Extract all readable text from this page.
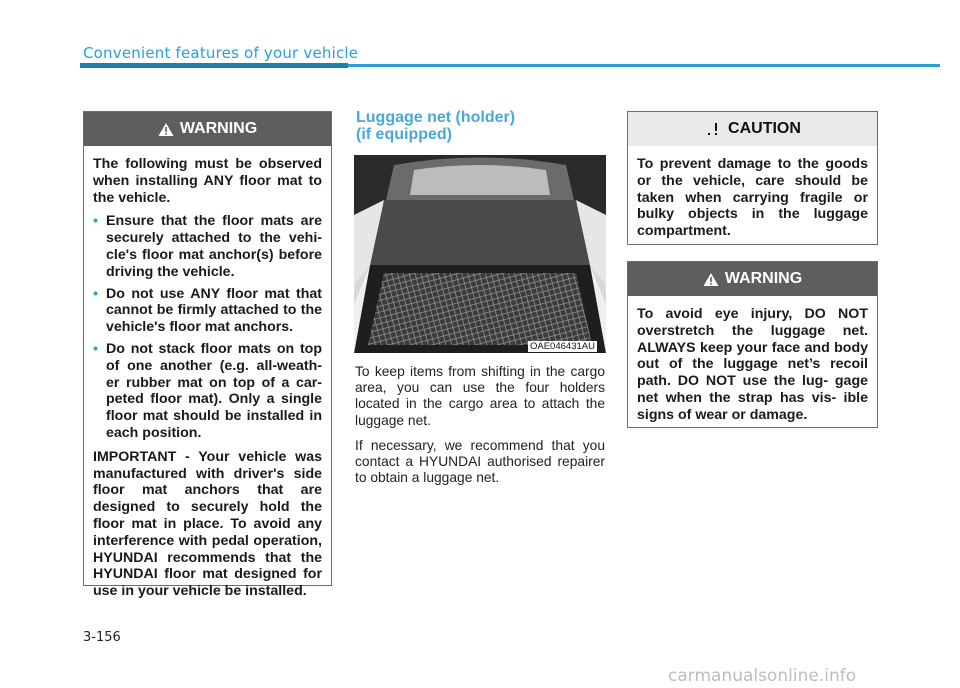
Convenient features of your vehicle
WARNING

The following must be observed when installing ANY floor mat to the vehicle.

• Ensure that the floor mats are securely attached to the vehi- cle's floor mat anchor(s) before driving the vehicle.
• Do not use ANY floor mat that cannot be firmly attached to the vehicle's floor mat anchors.
• Do not stack floor mats on top of one another (e.g. all-weath- er rubber mat on top of a car- peted floor mat). Only a single floor mat should be installed in each position.

IMPORTANT - Your vehicle was manufactured with driver's side floor mat anchors that are designed to securely hold the floor mat in place. To avoid any interference with pedal operation, HYUNDAI recommends that the HYUNDAI floor mat designed for use in your vehicle be installed.

Luggage net (holder)
(if equipped)
OAE046431AU

To keep items from shifting in the cargo area, you can use the four holders located in the cargo area to attach the luggage net.

If necessary, we recommend that you contact a HYUNDAI authorised repairer to obtain a luggage net.

CAUTION

To prevent damage to the goods or the vehicle, care should be taken when carrying fragile or bulky objects in the luggage compartment.

WARNING

To avoid eye injury, DO NOT overstretch the luggage net. ALWAYS keep your face and body out of the luggage net’s recoil path. DO NOT use the lug- gage net when the strap has vis- ible signs of wear or damage.

3-156
carmanualsonline.info
